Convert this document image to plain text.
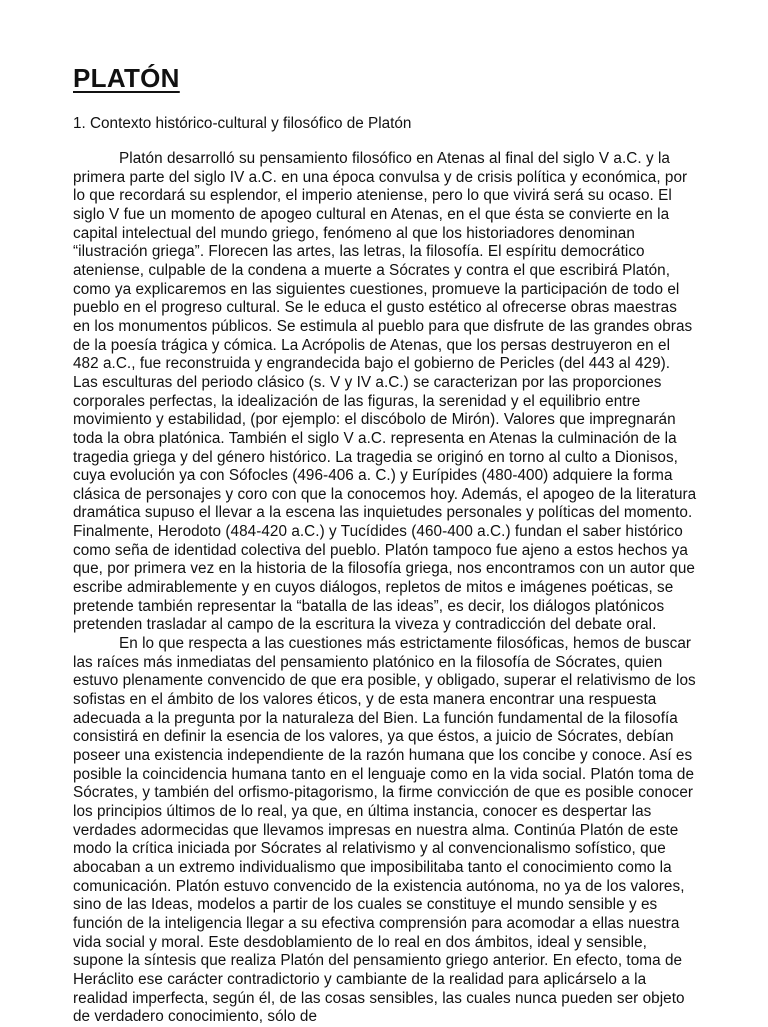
PLATÓN
1. Contexto histórico-cultural y filosófico de Platón

Platón desarrolló su pensamiento filosófico en Atenas al final del siglo V a.C. y la primera parte del siglo IV a.C. en una época convulsa y de crisis política y económica, por lo que recordará su esplendor, el imperio ateniense, pero lo que vivirá será su ocaso. El siglo V fue un momento de apogeo cultural en Atenas, en el que ésta se convierte en la capital intelectual del mundo griego, fenómeno al que los historiadores denominan “ilustración griega”. Florecen las artes, las letras, la filosofía. El espíritu democrático ateniense, culpable de la condena a muerte a Sócrates y contra el que escribirá Platón, como ya explicaremos en las siguientes cuestiones, promueve la participación de todo el pueblo en el progreso cultural. Se le educa el gusto estético al ofrecerse obras maestras en los monumentos públicos. Se estimula al pueblo para que disfrute de las grandes obras de la poesía trágica y cómica. La Acrópolis de Atenas, que los persas destruyeron en el 482 a.C., fue reconstruida y engrandecida bajo el gobierno de Pericles (del 443 al 429). Las esculturas del periodo clásico (s. V y IV a.C.) se caracterizan por las proporciones corporales perfectas, la idealización de las figuras, la serenidad y el equilibrio entre movimiento y estabilidad, (por ejemplo: el discóbolo de Mirón). Valores que impregnarán toda la obra platónica. También el siglo V a.C. representa en Atenas la culminación de la tragedia griega y del género histórico. La tragedia se originó en torno al culto a Dionisos, cuya evolución ya con Sófocles (496-406 a. C.) y Eurípides (480-400) adquiere la forma clásica de personajes y coro con que la conocemos hoy. Además, el apogeo de la literatura dramática supuso el llevar a la escena las inquietudes personales y políticas del momento. Finalmente, Herodoto (484-420 a.C.) y Tucídides (460-400 a.C.) fundan el saber histórico como seña de identidad colectiva del pueblo. Platón tampoco fue ajeno a estos hechos ya que, por primera vez en la historia de la filosofía griega, nos encontramos con un autor que escribe admirablemente y en cuyos diálogos, repletos de mitos e imágenes poéticas, se pretende también representar la “batalla de las ideas”, es decir, los diálogos platónicos pretenden trasladar al campo de la escritura la viveza y contradicción del debate oral.

En lo que respecta a las cuestiones más estrictamente filosóficas, hemos de buscar las raíces más inmediatas del pensamiento platónico en la filosofía de Sócrates, quien estuvo plenamente convencido de que era posible, y obligado, superar el relativismo de los sofistas en el ámbito de los valores éticos, y de esta manera encontrar una respuesta adecuada a la pregunta por la naturaleza del Bien. La función fundamental de la filosofía consistirá en definir la esencia de los valores, ya que éstos, a juicio de Sócrates, debían poseer una existencia independiente de la razón humana que los concibe y conoce. Así es posible la coincidencia humana tanto en el lenguaje como en la vida social. Platón toma de Sócrates, y también del orfismo-pitagorismo, la firme convicción de que es posible conocer los principios últimos de lo real, ya que, en última instancia, conocer es despertar las verdades adormecidas que llevamos impresas en nuestra alma. Continúa Platón de este modo la crítica iniciada por Sócrates al relativismo y al convencionalismo sofístico, que abocaban a un extremo individualismo que imposibilitaba tanto el conocimiento como la comunicación. Platón estuvo convencido de la existencia autónoma, no ya de los valores, sino de las Ideas, modelos a partir de los cuales se constituye el mundo sensible y es función de la inteligencia llegar a su efectiva comprensión para acomodar a ellas nuestra vida social y moral. Este desdoblamiento de lo real en dos ámbitos, ideal y sensible, supone la síntesis que realiza Platón del pensamiento griego anterior. En efecto, toma de Heráclito ese carácter contradictorio y cambiante de la realidad para aplicárselo a la realidad imperfecta, según él, de las cosas sensibles, las cuales nunca pueden ser objeto de verdadero conocimiento, sólo de
